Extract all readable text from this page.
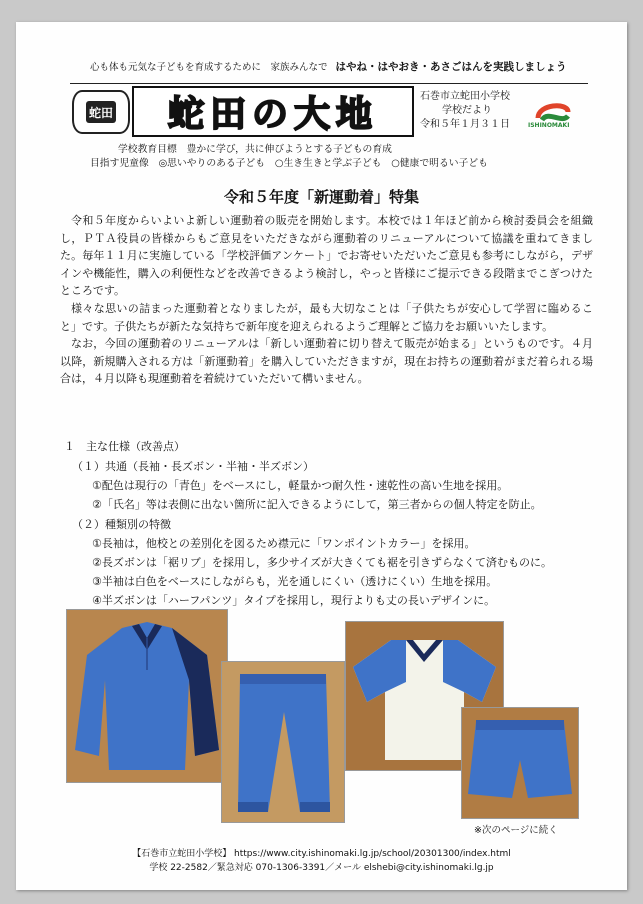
心も体も元気な子どもを育成するために　家族みんなで はやね・はやおき・あさごはんを実践しましょう
蛇田	蛇田の大地	石巻市立蛇田小学校
学校だより
令和５年１月３１日	ISHINOMAKI
学校教育目標　豊かに学び，共に伸びようとする子どもの育成
目指す児童像　◎思いやりのある子ども　○生き生きと学ぶ子ども　○健康で明るい子ども
令和５年度「新運動着」特集

令和５年度からいよいよ新しい運動着の販売を開始します。本校では１年ほど前から検討委員会を組織し，ＰＴＡ役員の皆様からもご意見をいただきながら運動着のリニューアルについて協議を重ねてきました。毎年１１月に実施している「学校評価アンケート」でお寄せいただいたご意見も参考にしながら，デザインや機能性，購入の利便性などを改善できるよう検討し，やっと皆様にご提示できる段階までこぎつけたところです。

様々な思いの詰まった運動着となりましたが，最も大切なことは「子供たちが安心して学習に臨めること」です。子供たちが新たな気持ちで新年度を迎えられるようご理解とご協力をお願いいたします。

なお，今回の運動着のリニューアルは「新しい運動着に切り替えて販売が始まる」というものです。４月以降，新規購入される方は「新運動着」を購入していただきますが，現在お持ちの運動着がまだ着られる場合は，４月以降も現運動着を着続けていただいて構いません。

１　主な仕様（改善点）
（１）共通（長袖・長ズボン・半袖・半ズボン）
①配色は現行の「青色」をベースにし，軽量かつ耐久性・速乾性の高い生地を採用。
②「氏名」等は表側に出ない箇所に記入できるようにして，第三者からの個人特定を防止。
（２）種類別の特徴
①長袖は，他校との差別化を図るため襟元に「ワンポイントカラー」を採用。
②長ズボンは「裾リブ」を採用し，多少サイズが大きくても裾を引きずらなくて済むものに。
③半袖は白色をベースにしながらも，光を通しにくい（透けにくい）生地を採用。
④半ズボンは「ハーフパンツ」タイプを採用し，現行よりも丈の長いデザインに。
※次のページに続く
【石巻市立蛇田小学校】 https://www.city.ishinomaki.lg.jp/school/20301300/index.html
学校 22-2582／緊急対応 070-1306-3391／メール elshebi@city.ishinomaki.lg.jp
